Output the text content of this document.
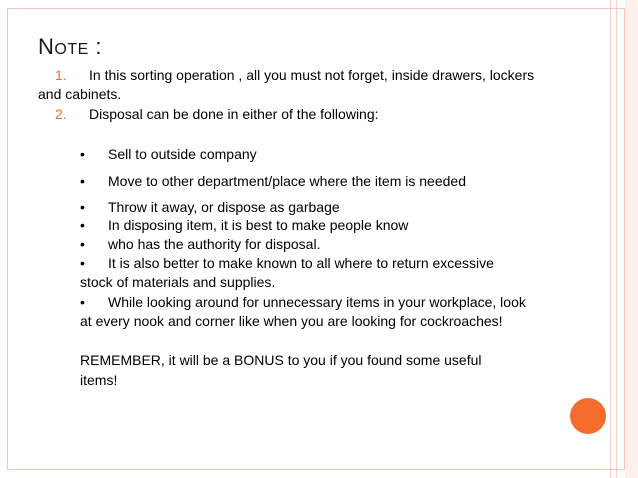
NOTE :
1. In this sorting operation , all you must not forget, inside drawers, lockers
and cabinets.
2. Disposal can be done in either of the following:
• Sell to outside company
• Move to other department/place where the item is needed
• Throw it away, or dispose as garbage
• In disposing item, it is best to make people know
• who has the authority for disposal.
• It is also better to make known to all where to return excessive
stock of materials and supplies.
• While looking around for unnecessary items in your workplace, look
at every nook and corner like when you are looking for cockroaches!
REMEMBER, it will be a BONUS to you if you found some useful
items!
